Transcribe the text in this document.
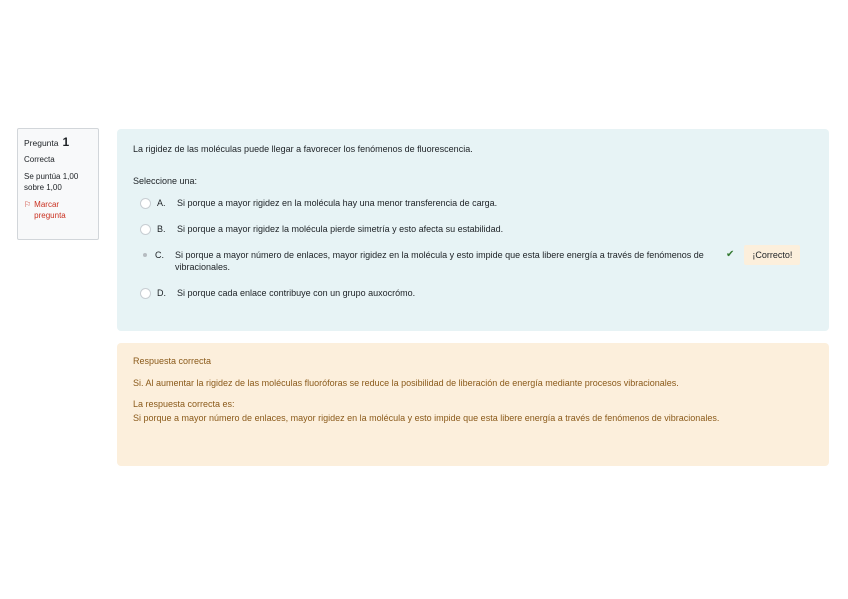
Pregunta 1
Correcta
Se puntúa 1,00 sobre 1,00
⚐ Marcar pregunta
La rigidez de las moléculas puede llegar a favorecer los fenómenos de fluorescencia.
Seleccione una:
A.	Si porque a mayor rigidez en la molécula hay una menor transferencia de carga.
B.	Si porque a mayor rigidez la molécula pierde simetría y esto afecta su estabilidad.
C.	Si porque a mayor número de enlaces, mayor rigidez en la molécula y esto impide que esta libere energía a través de fenómenos de vibracionales.
✔	¡Correcto!
D.	Si porque cada enlace contribuye con un grupo auxocrómo.
Respuesta correcta
Si. Al aumentar la rigidez de las moléculas fluoróforas se reduce la posibilidad de liberación de energía mediante procesos vibracionales.
La respuesta correcta es:
Si porque a mayor número de enlaces, mayor rigidez en la molécula y esto impide que esta libere energía a través de fenómenos de vibracionales.
